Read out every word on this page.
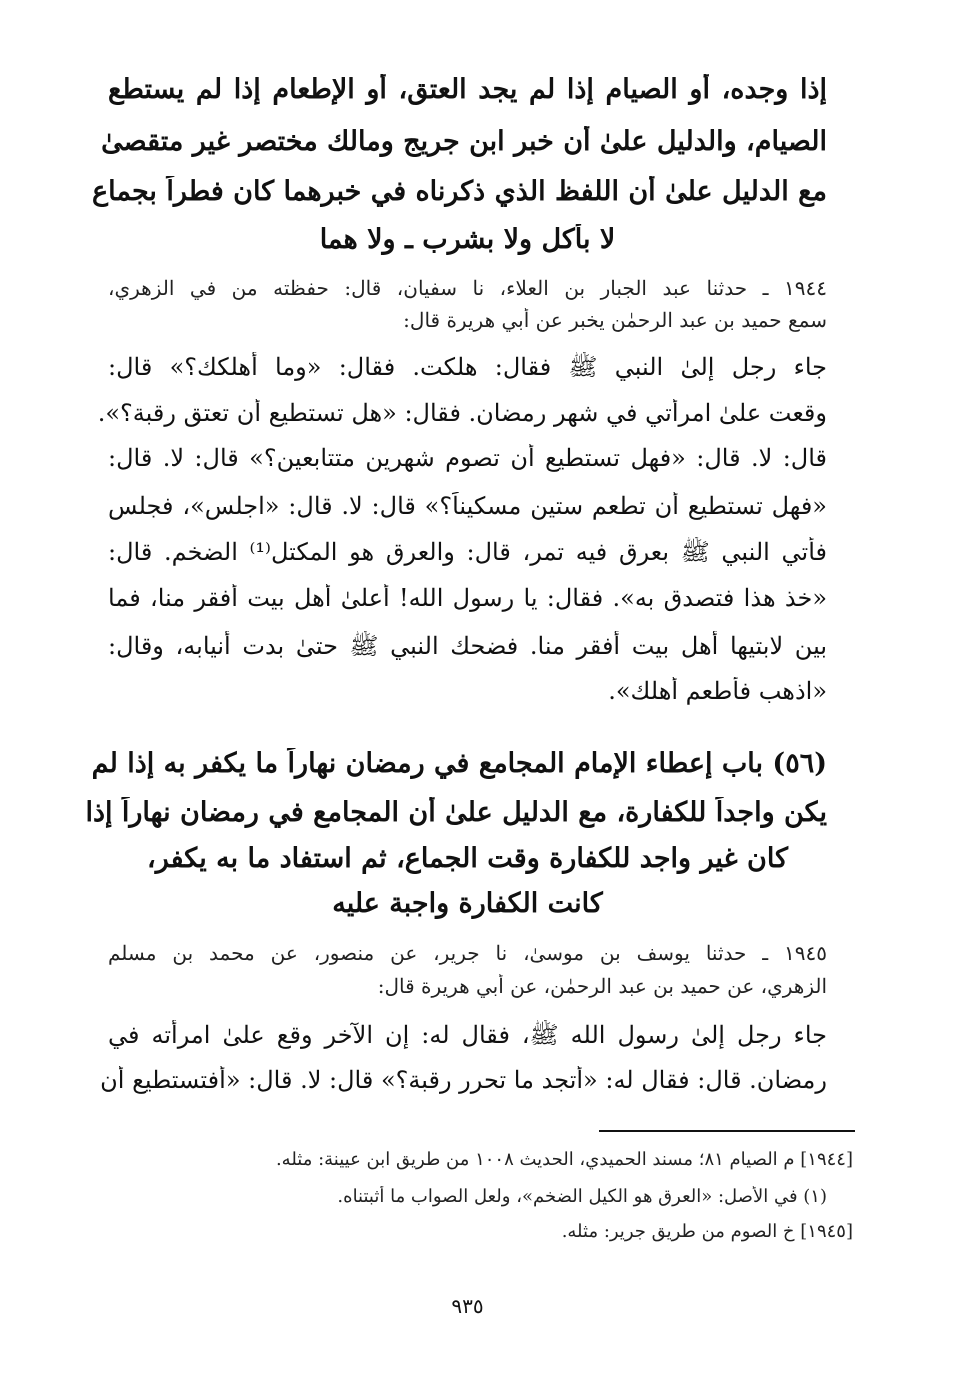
إذا وجده، أو الصيام إذا لم يجد العتق، أو الإطعام إذا لم يستطع
الصيام، والدليل علىٰ أن خبر ابن جريج ومالك مختصر غير متقصىٰ
مع الدليل علىٰ أن اللفظ الذي ذكرناه في خبرهما كان فطراً بجماع
لا بأكل ولا بشرب ـ ولا هما
١٩٤٤ ـ حدثنا عبد الجبار بن العلاء، نا سفيان، قال: حفظته من في الزهري،
سمع حميد بن عبد الرحمٰن يخبر عن أبي هريرة قال:
جاء رجل إلىٰ النبي ﷺ فقال: هلكت. فقال: «وما أهلكك؟» قال:
وقعت علىٰ امرأتي في شهر رمضان. فقال: «هل تستطيع أن تعتق رقبة؟».
قال: لا. قال: «فهل تستطيع أن تصوم شهرين متتابعين؟» قال: لا. قال:
«فهل تستطيع أن تطعم ستين مسكيناً؟» قال: لا. قال: «اجلس»، فجلس
فأتي النبي ﷺ بعرق فيه تمر، قال: والعرق هو المكتل⁽¹⁾ الضخم. قال:
«خذ هذا فتصدق به». فقال: يا رسول الله! أعلىٰ أهل بيت أفقر منا، فما
بين لابتيها أهل بيت أفقر منا. فضحك النبي ﷺ حتىٰ بدت أنيابه، وقال:
«اذهب فأطعم أهلك».
(٥٦) باب إعطاء الإمام المجامع في رمضان نهاراً ما يكفر به إذا لم
يكن واجداً للكفارة، مع الدليل علىٰ أن المجامع في رمضان نهاراً إذا
كان غير واجد للكفارة وقت الجماع، ثم استفاد ما به يكفر،
كانت الكفارة واجبة عليه
١٩٤٥ ـ حدثنا يوسف بن موسىٰ، نا جرير، عن منصور، عن محمد بن مسلم
الزهري، عن حميد بن عبد الرحمٰن، عن أبي هريرة قال:
جاء رجل إلىٰ رسول الله ﷺ، فقال له: إن الآخر وقع علىٰ امرأته في
رمضان. قال: فقال له: «أتجد ما تحرر رقبة؟» قال: لا. قال: «أفتستطيع أن
[١٩٤٤] م الصيام ٨١؛ مسند الحميدي، الحديث ١٠٠٨ من طريق ابن عيينة: مثله.
(١) في الأصل: «العرق هو الكيل الضخم»، ولعل الصواب ما أثبتناه.
[١٩٤٥] خ الصوم من طريق جرير: مثله.
٩٣٥
